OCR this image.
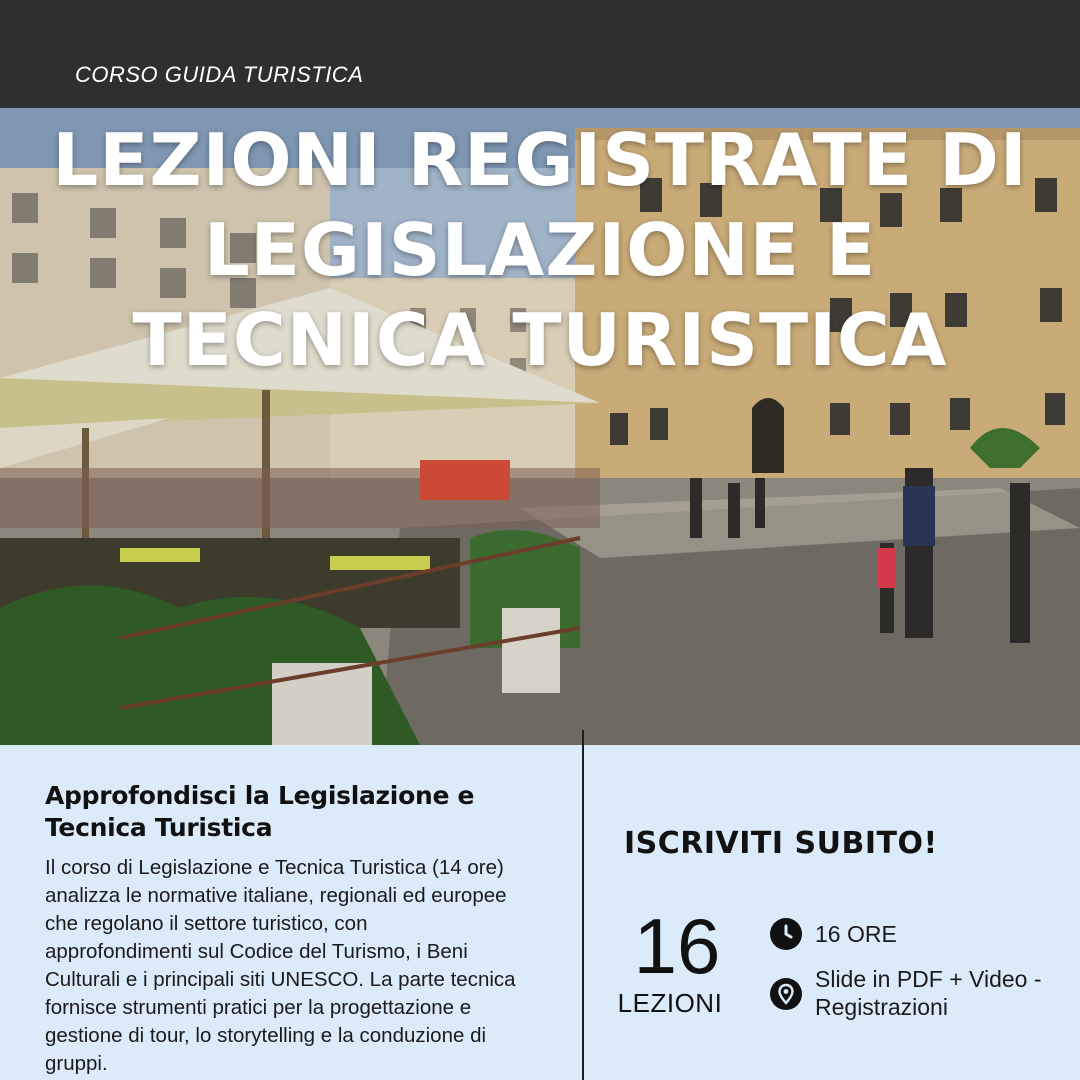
CORSO GUIDA TURISTICA
LEZIONI REGISTRATE DI
LEGISLAZIONE E
TECNICA TURISTICA
Approfondisci la Legislazione e
Tecnica Turistica
Il corso di Legislazione e Tecnica Turistica (14 ore)
analizza le normative italiane, regionali ed europee
che regolano il settore turistico, con
approfondimenti sul Codice del Turismo, i Beni
Culturali e i principali siti UNESCO. La parte tecnica
fornisce strumenti pratici per la progettazione e
gestione di tour, lo storytelling e la conduzione di
gruppi.
ISCRIVITI SUBITO!
16
LEZIONI
16 ORE
Slide in PDF + Video -
Registrazioni
